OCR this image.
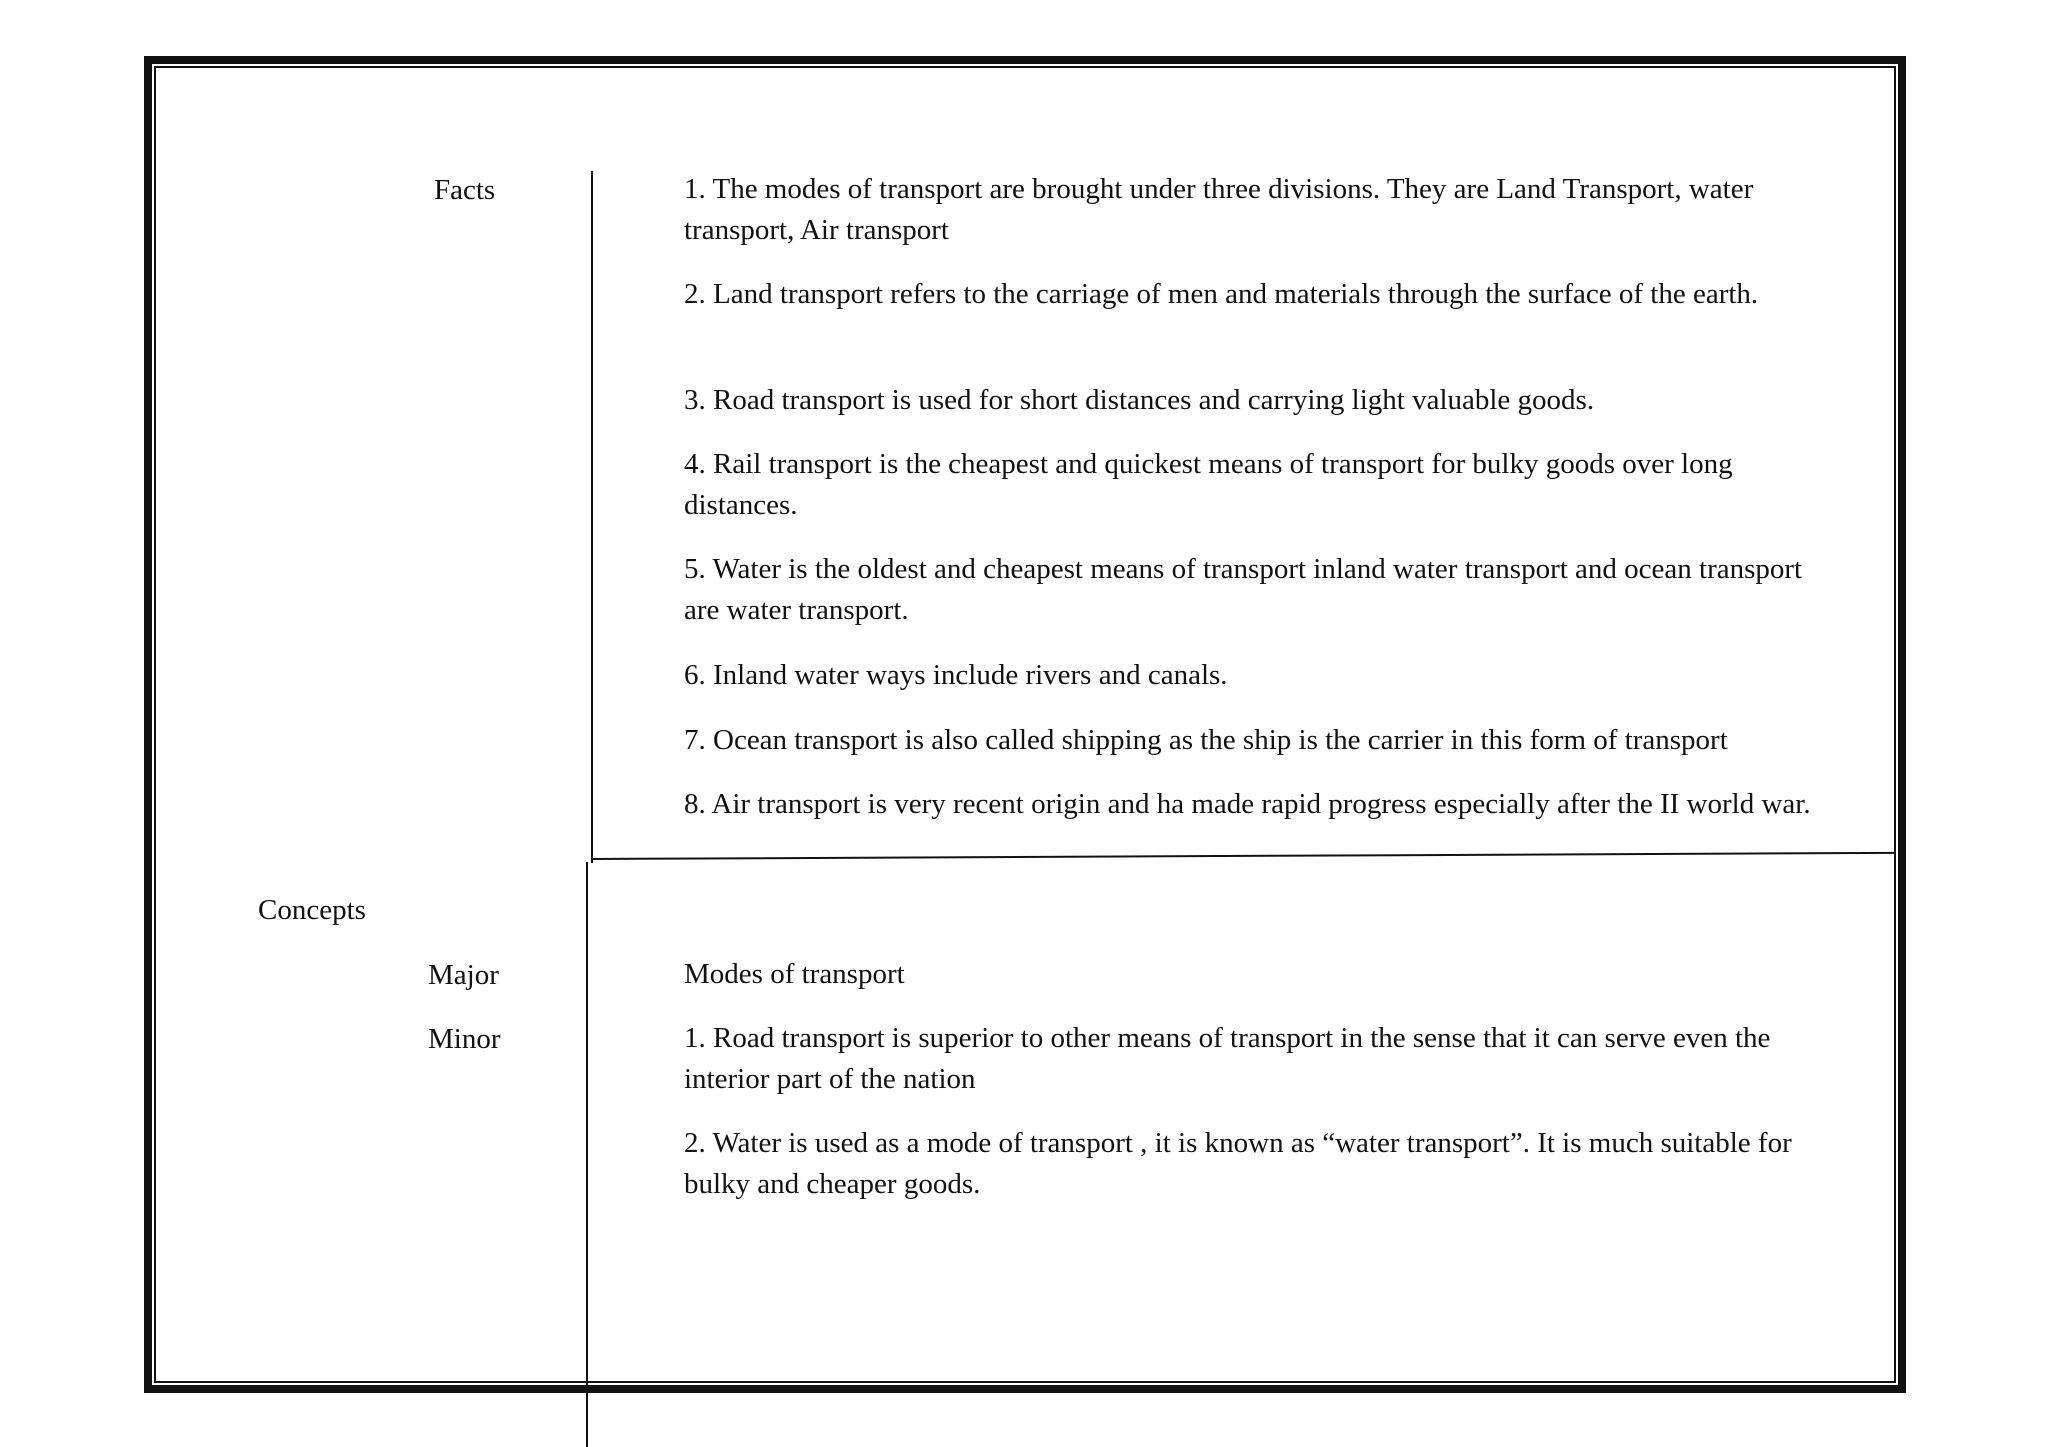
Facts
Concepts
Major
Minor
1. The modes of transport are brought under three divisions. They are Land Transport, water transport, Air transport
2. Land transport refers to the carriage of men and materials through the surface of the earth.
3. Road transport is used for short distances and carrying light valuable goods.
4. Rail transport is the cheapest and quickest means of transport for bulky goods over long distances.
5. Water is the oldest and cheapest means of transport inland water transport and ocean transport are water transport.
6. Inland water ways include rivers and canals.
7. Ocean transport is also called shipping as the ship is the carrier in this form of transport
8. Air transport is very recent origin and ha made rapid progress especially after the II world war.
Modes of transport
1. Road transport is superior to other means of transport in the sense that it can serve even the interior part of the nation
2. Water is used as a mode of transport , it is known as “water transport”. It is much suitable for bulky and cheaper goods.
